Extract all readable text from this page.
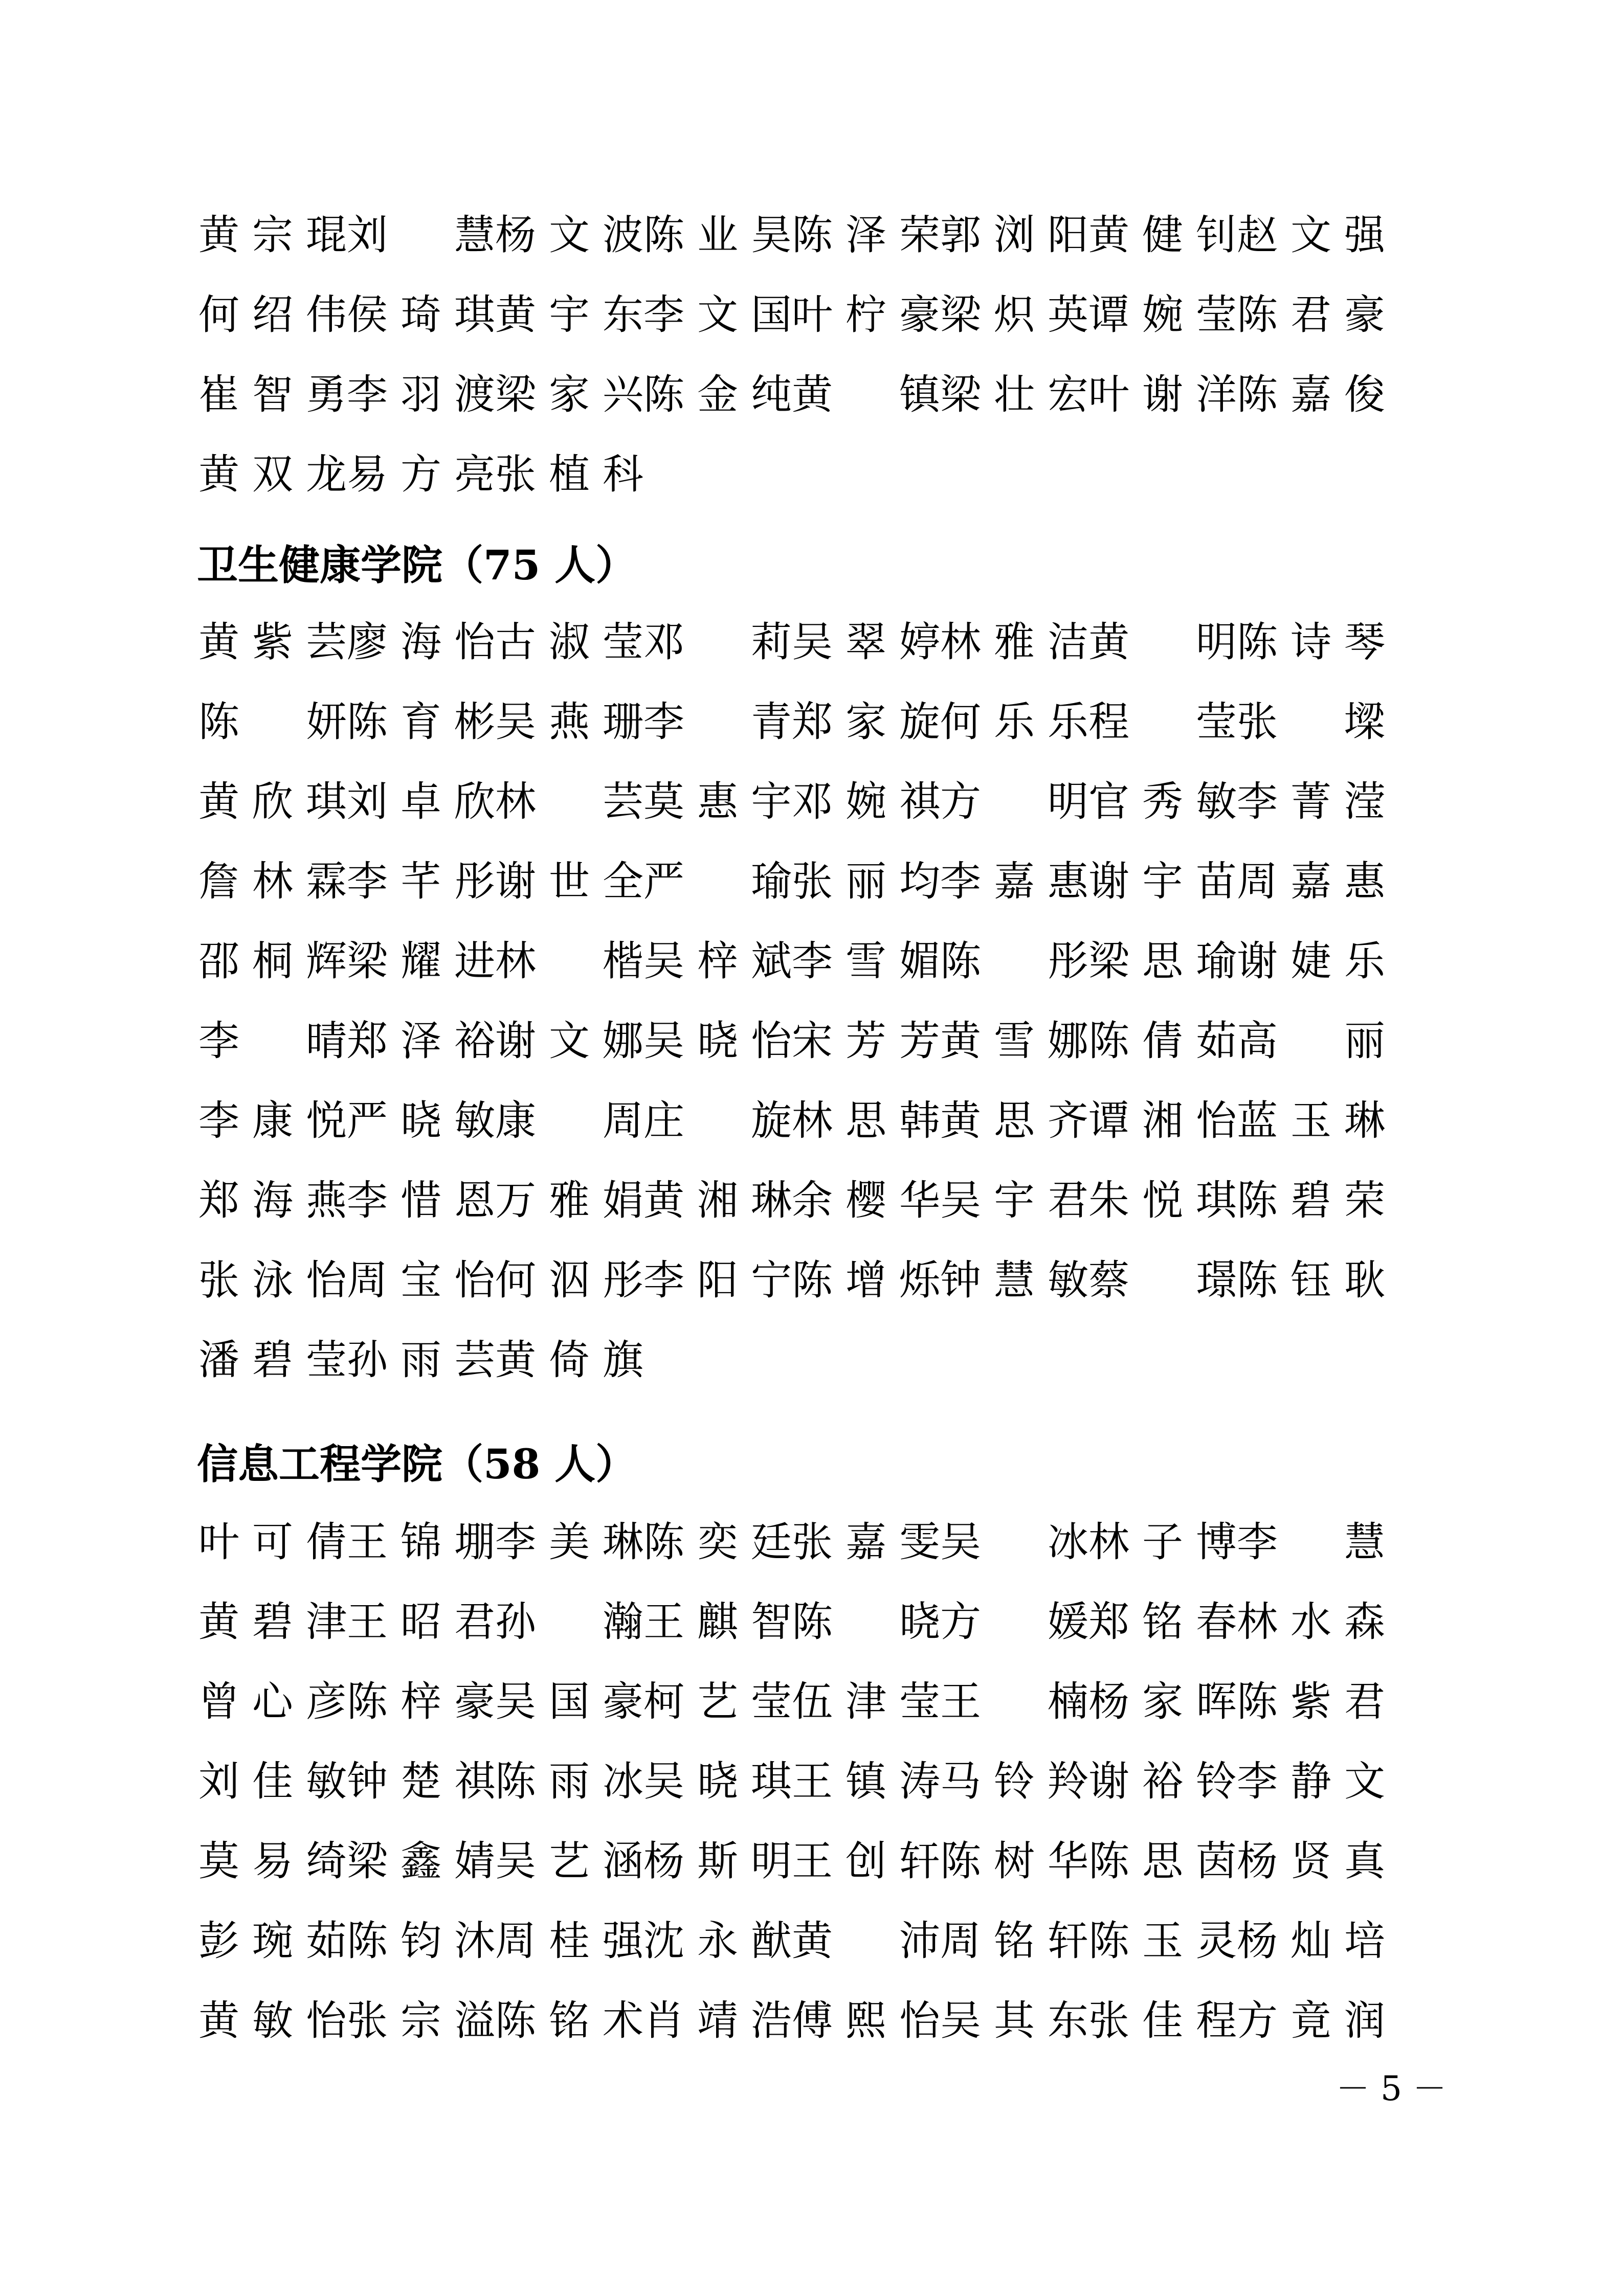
黄 宗 琨 刘 慧 杨 文 波 陈 业 昊 陈 泽 荣 郭 浏 阳 黄 健 钊 赵 文 强
何 绍 伟 侯 琦 琪 黄 宇 东 李 文 国 叶 柠 豪 梁 炽 英 谭 婉 莹 陈 君 豪
崔 智 勇 李 羽 渡 梁 家 兴 陈 金 纯 黄 镇 梁 壮 宏 叶 谢 洋 陈 嘉 俊
黄 双 龙 易 方 亮 张 植 科
卫生健康学院（75 人）
黄 紫 芸 廖 海 怡 古 淑 莹 邓 莉 吴 翠 婷 林 雅 洁 黄 明 陈 诗 琴
陈 妍 陈 育 彬 吴 燕 珊 李 青 郑 家 旋 何 乐 乐 程 莹 张 墚
黄 欣 琪 刘 卓 欣 林 芸 莫 惠 宇 邓 婉 祺 方 明 官 秀 敏 李 菁 滢
詹 林 霖 李 芊 彤 谢 世 全 严 瑜 张 丽 均 李 嘉 惠 谢 宇 苗 周 嘉 惠
邵 桐 辉 梁 耀 进 林 楷 吴 梓 斌 李 雪 媚 陈 彤 梁 思 瑜 谢 婕 乐
李 晴 郑 泽 裕 谢 文 娜 吴 晓 怡 宋 芳 芳 黄 雪 娜 陈 倩 茹 高 丽
李 康 悦 严 晓 敏 康 周 庄 旋 林 思 韩 黄 思 齐 谭 湘 怡 蓝 玉 琳
郑 海 燕 李 惜 恩 万 雅 娟 黄 湘 琳 余 樱 华 吴 宇 君 朱 悦 琪 陈 碧 荣
张 泳 怡 周 宝 怡 何 泅 彤 李 阳 宁 陈 增 烁 钟 慧 敏 蔡 璟 陈 钰 耿
潘 碧 莹 孙 雨 芸 黄 倚 旗
信息工程学院（58 人）
叶 可 倩 王 锦 堋 李 美 琳 陈 奕 廷 张 嘉 雯 吴 冰 林 子 博 李 慧
黄 碧 津 王 昭 君 孙 瀚 王 麒 智 陈 晓 方 媛 郑 铭 春 林 水 森
曾 心 彦 陈 梓 豪 吴 国 豪 柯 艺 莹 伍 津 莹 王 楠 杨 家 晖 陈 紫 君
刘 佳 敏 钟 楚 祺 陈 雨 冰 吴 晓 琪 王 镇 涛 马 铃 羚 谢 裕 铃 李 静 文
莫 易 绮 梁 鑫 婧 吴 艺 涵 杨 斯 明 王 创 轩 陈 树 华 陈 思 茵 杨 贤 真
彭 琬 茹 陈 钧 沐 周 桂 强 沈 永 猷 黄 沛 周 铭 轩 陈 玉 灵 杨 灿 培
黄 敏 怡 张 宗 溢 陈 铭 术 肖 靖 浩 傅 熙 怡 吴 其 东 张 佳 程 方 竟 润
－ 5 －
